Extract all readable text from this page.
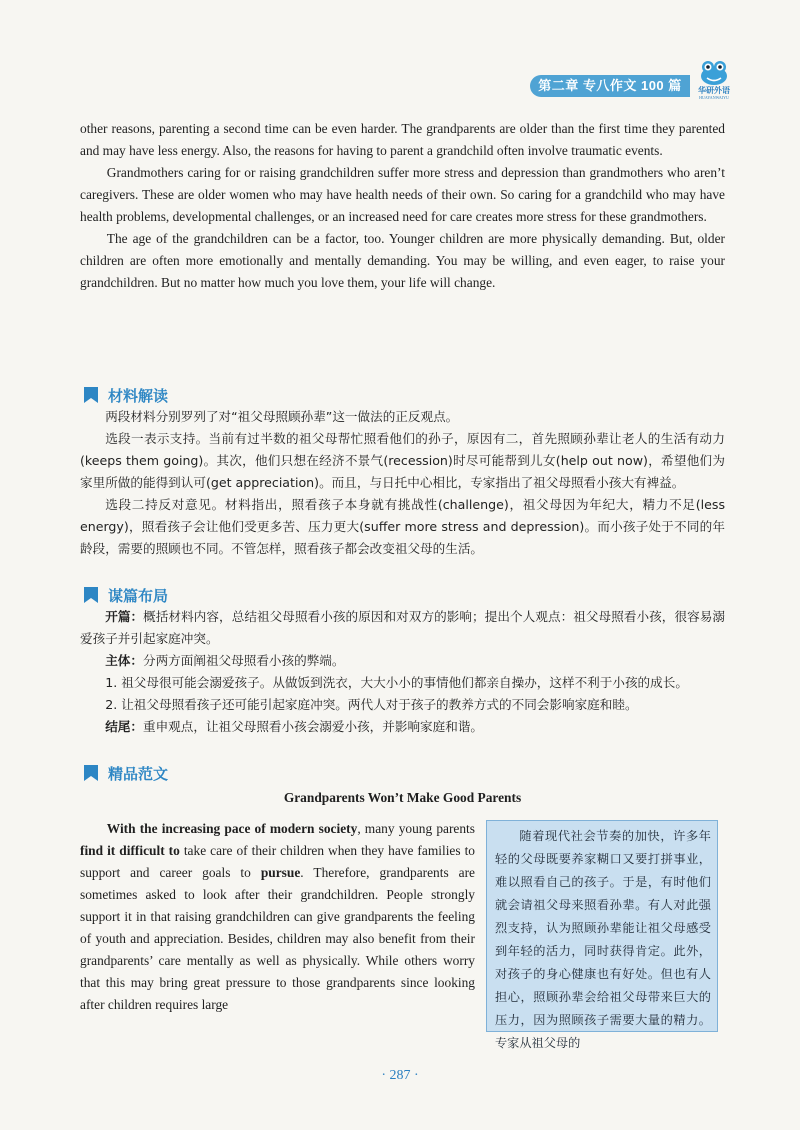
第二章 专八作文 100 篇	华研外语
HUAYANWAIYU

other reasons, parenting a second time can be even harder. The grandparents are older than the first time they parented and may have less energy. Also, the reasons for having to parent a grandchild often involve traumatic events.

Grandmothers caring for or raising grandchildren suffer more stress and depression than grandmothers who aren’t caregivers. These are older women who may have health needs of their own. So caring for a grandchild who may have health problems, developmental challenges, or an increased need for care creates more stress for these grandmothers.

The age of the grandchildren can be a factor, too. Younger children are more physically demanding. But, older children are often more emotionally and mentally demanding. You may be willing, and even eager, to raise your grandchildren. But no matter how much you love them, your life will change.

材料解读

两段材料分别罗列了对“祖父母照顾孙辈”这一做法的正反观点。

选段一表示支持。当前有过半数的祖父母帮忙照看他们的孙子，原因有二，首先照顾孙辈让老人的生活有动力(keeps them going)。其次，他们只想在经济不景气(recession)时尽可能帮到儿女(help out now)，希望他们为家里所做的能得到认可(get appreciation)。而且，与日托中心相比，专家指出了祖父母照看小孩大有裨益。

选段二持反对意见。材料指出，照看孩子本身就有挑战性(challenge)，祖父母因为年纪大，精力不足(less energy)，照看孩子会让他们受更多苦、压力更大(suffer more stress and depression)。而小孩子处于不同的年龄段，需要的照顾也不同。不管怎样，照看孩子都会改变祖父母的生活。

谋篇布局

开篇：概括材料内容，总结祖父母照看小孩的原因和对双方的影响；提出个人观点：祖父母照看小孩，很容易溺爱孩子并引起家庭冲突。

主体：分两方面阐祖父母照看小孩的弊端。

1. 祖父母很可能会溺爱孩子。从做饭到洗衣，大大小小的事情他们都亲自操办，这样不利于小孩的成长。

2. 让祖父母照看孩子还可能引起家庭冲突。两代人对于孩子的教养方式的不同会影响家庭和睦。

结尾：重申观点，让祖父母照看小孩会溺爱小孩，并影响家庭和谐。

精品范文
Grandparents Won’t Make Good Parents

With the increasing pace of modern society, many young parents find it difficult to take care of their children when they have families to support and career goals to pursue. Therefore, grandparents are sometimes asked to look after their grandchildren. People strongly support it in that raising grandchildren can give grandparents the feeling of youth and appreciation. Besides, children may also benefit from their grandparents’ care mentally as well as physically. While others worry that this may bring great pressure to those grandparents since looking after children requires large

随着现代社会节奏的加快，许多年轻的父母既要养家糊口又要打拼事业，难以照看自己的孩子。于是，有时他们就会请祖父母来照看孙辈。有人对此强烈支持，认为照顾孙辈能让祖父母感受到年轻的活力，同时获得肯定。此外，对孩子的身心健康也有好处。但也有人担心，照顾孙辈会给祖父母带来巨大的压力，因为照顾孩子需要大量的精力。专家从祖父母的

· 287 ·
